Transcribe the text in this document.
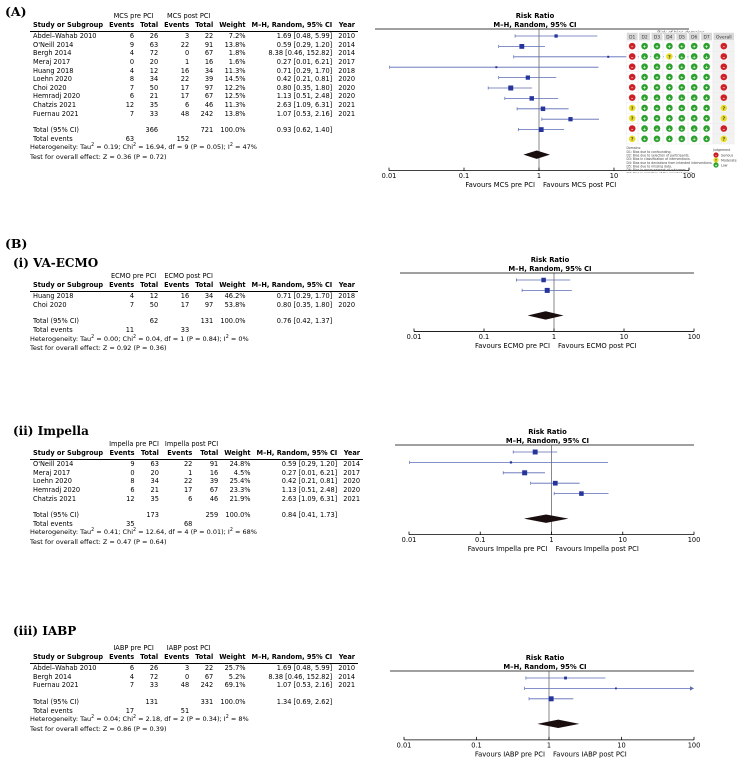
(A)
		MCS pre PCI		MCS post PCI				
Study or Subgroup	Events	Total	Events	Total	Weight	M–H, Random, 95% CI	Year

Abdel–Wahab 2010	6	26	3	22	7.2%	1.69 [0.48, 5.99]	2010
O'Neill 2014	9	63	22	91	13.8%	0.59 [0.29, 1.20]	2014
Bergh 2014	4	72	0	67	1.8%	8.38 [0.46, 152.82]	2014
Meraj 2017	0	20	1	16	1.6%	0.27 [0.01, 6.21]	2017
Huang 2018	4	12	16	34	11.3%	0.71 [0.29, 1.70]	2018
Loehn 2020	8	34	22	39	14.5%	0.42 [0.21, 0.81]	2020
Choi 2020	7	50	17	97	12.2%	0.80 [0.35, 1.80]	2020
Hemradj 2020	6	21	17	67	12.5%	1.13 [0.51, 2.48]	2020
Chatzis 2021	12	35	6	46	11.3%	2.63 [1.09, 6.31]	2021
Fuernau 2021	7	33	48	242	13.8%	1.07 [0.53, 2.16]	2021

Total (95% CI)		366		721	100.0%	0.93 [0.62, 1.40]	
Total events	63		152				
Heterogeneity: Tau$^2$ = 0.19; Chi$^2$ = 16.94, df = 9 (P = 0.05); $I^2 = 47\%$
Test for overall effect: Z = 0.36 (P = 0.72)
Risk Ratio
M–H, Random, 95% CI
0.01	0.1	1	10	100
Favours MCS pre PCI Favours MCS post PCI
D1 D2 D3 D4 D5 D6 D7 Overall
– + + + + + +	–
– + + ? + + +	–
– + + + + + +	–
– + + + + + +	–
– + + + + + +	–
– + + + + + +	–
? + + + + + +	?
? + + + + + +	?
– + + + + + +	–
? + + + + + +	?
Domains:
D1: Bias due to confounding.
D2: Bias due to selection of participants.
D3: Bias in classification of interventions.
D4: Bias due to deviations from intended interventions.
D5: Bias due to missing data.
D6: Bias in measurement of outcomes.
Judgement
– Serious
? Moderate
+ Low
(B)
(i) VA-ECMO
	ECMO pre PCI		ECMO post PCI				
Study or Subgroup	Events	Total	Events	Total	Weight	M–H, Random, 95% CI	Year

Huang 2018	4	12	16	34	46.2%	0.71 [0.29, 1.70]	2018
Choi 2020	7	50	17	97	53.8%	0.80 [0.35, 1.80]	2020

Total (95% CI)		62		131	100.0%	0.76 [0.42, 1.37]	
Total events	11		33				
Heterogeneity: Tau$^2$ = 0.00; Chi$^2$ = 0.04, df = 1 (P = 0.84); $I^2 = 0\%$
Test for overall effect: Z = 0.92 (P = 0.36)
Risk Ratio
M–H, Random, 95% CI
0.01	0.1	1	10	100
Favours ECMO pre PCI Favours ECMO post PCI
(ii) Impella
	Impella pre PCI		Impella post PCI				
Study or Subgroup	Events	Total	Events	Total	Weight	M–H, Random, 95% CI	Year

O'Neill 2014	9	63	22	91	24.8%	0.59 [0.29, 1.20]	2014
Meraj 2017	0	20	1	16	4.5%	0.27 [0.01, 6.21]	2017
Loehn 2020	8	34	22	39	25.4%	0.42 [0.21, 0.81]	2020
Hemradj 2020	6	21	17	67	23.3%	1.13 [0.51, 2.48]	2020
Chatzis 2021	12	35	6	46	21.9%	2.63 [1.09, 6.31]	2021

Total (95% CI)		173		259	100.0%	0.84 [0.41, 1.73]	
Total events	35		68				
Heterogeneity: Tau$^2$ = 0.41; Chi$^2$ = 12.64, df = 4 (P = 0.01); $I^2 = 68\%$
Test for overall effect: Z = 0.47 (P = 0.64)
Risk Ratio
M–H, Random, 95% CI
0.01	0.1	1	10	100
Favours Impella pre PCI Favours Impella post PCI
(iii) IABP
	IABP pre PCI		IABP post PCI				
Study or Subgroup	Events	Total	Events	Total	Weight	M–H, Random, 95% CI	Year

Abdel–Wahab 2010	6	26	3	22	25.7%	1.69 [0.48, 5.99]	2010
Bergh 2014	4	72	0	67	5.2%	8.38 [0.46, 152.82]	2014
Fuernau 2021	7	33	48	242	69.1%	1.07 [0.53, 2.16]	2021

Total (95% CI)		131		331	100.0%	1.34 [0.69, 2.62]	
Total events	17		51				
Heterogeneity: Tau$^2$ = 0.04; Chi$^2$ = 2.18, df = 2 (P = 0.34); $I^2 = 8\%$
Test for overall effect: Z = 0.86 (P = 0.39)
Risk Ratio
M–H, Random, 95% CI
0.01	0.1	1	10	100
Favours IABP pre PCI Favours IABP post PCI
